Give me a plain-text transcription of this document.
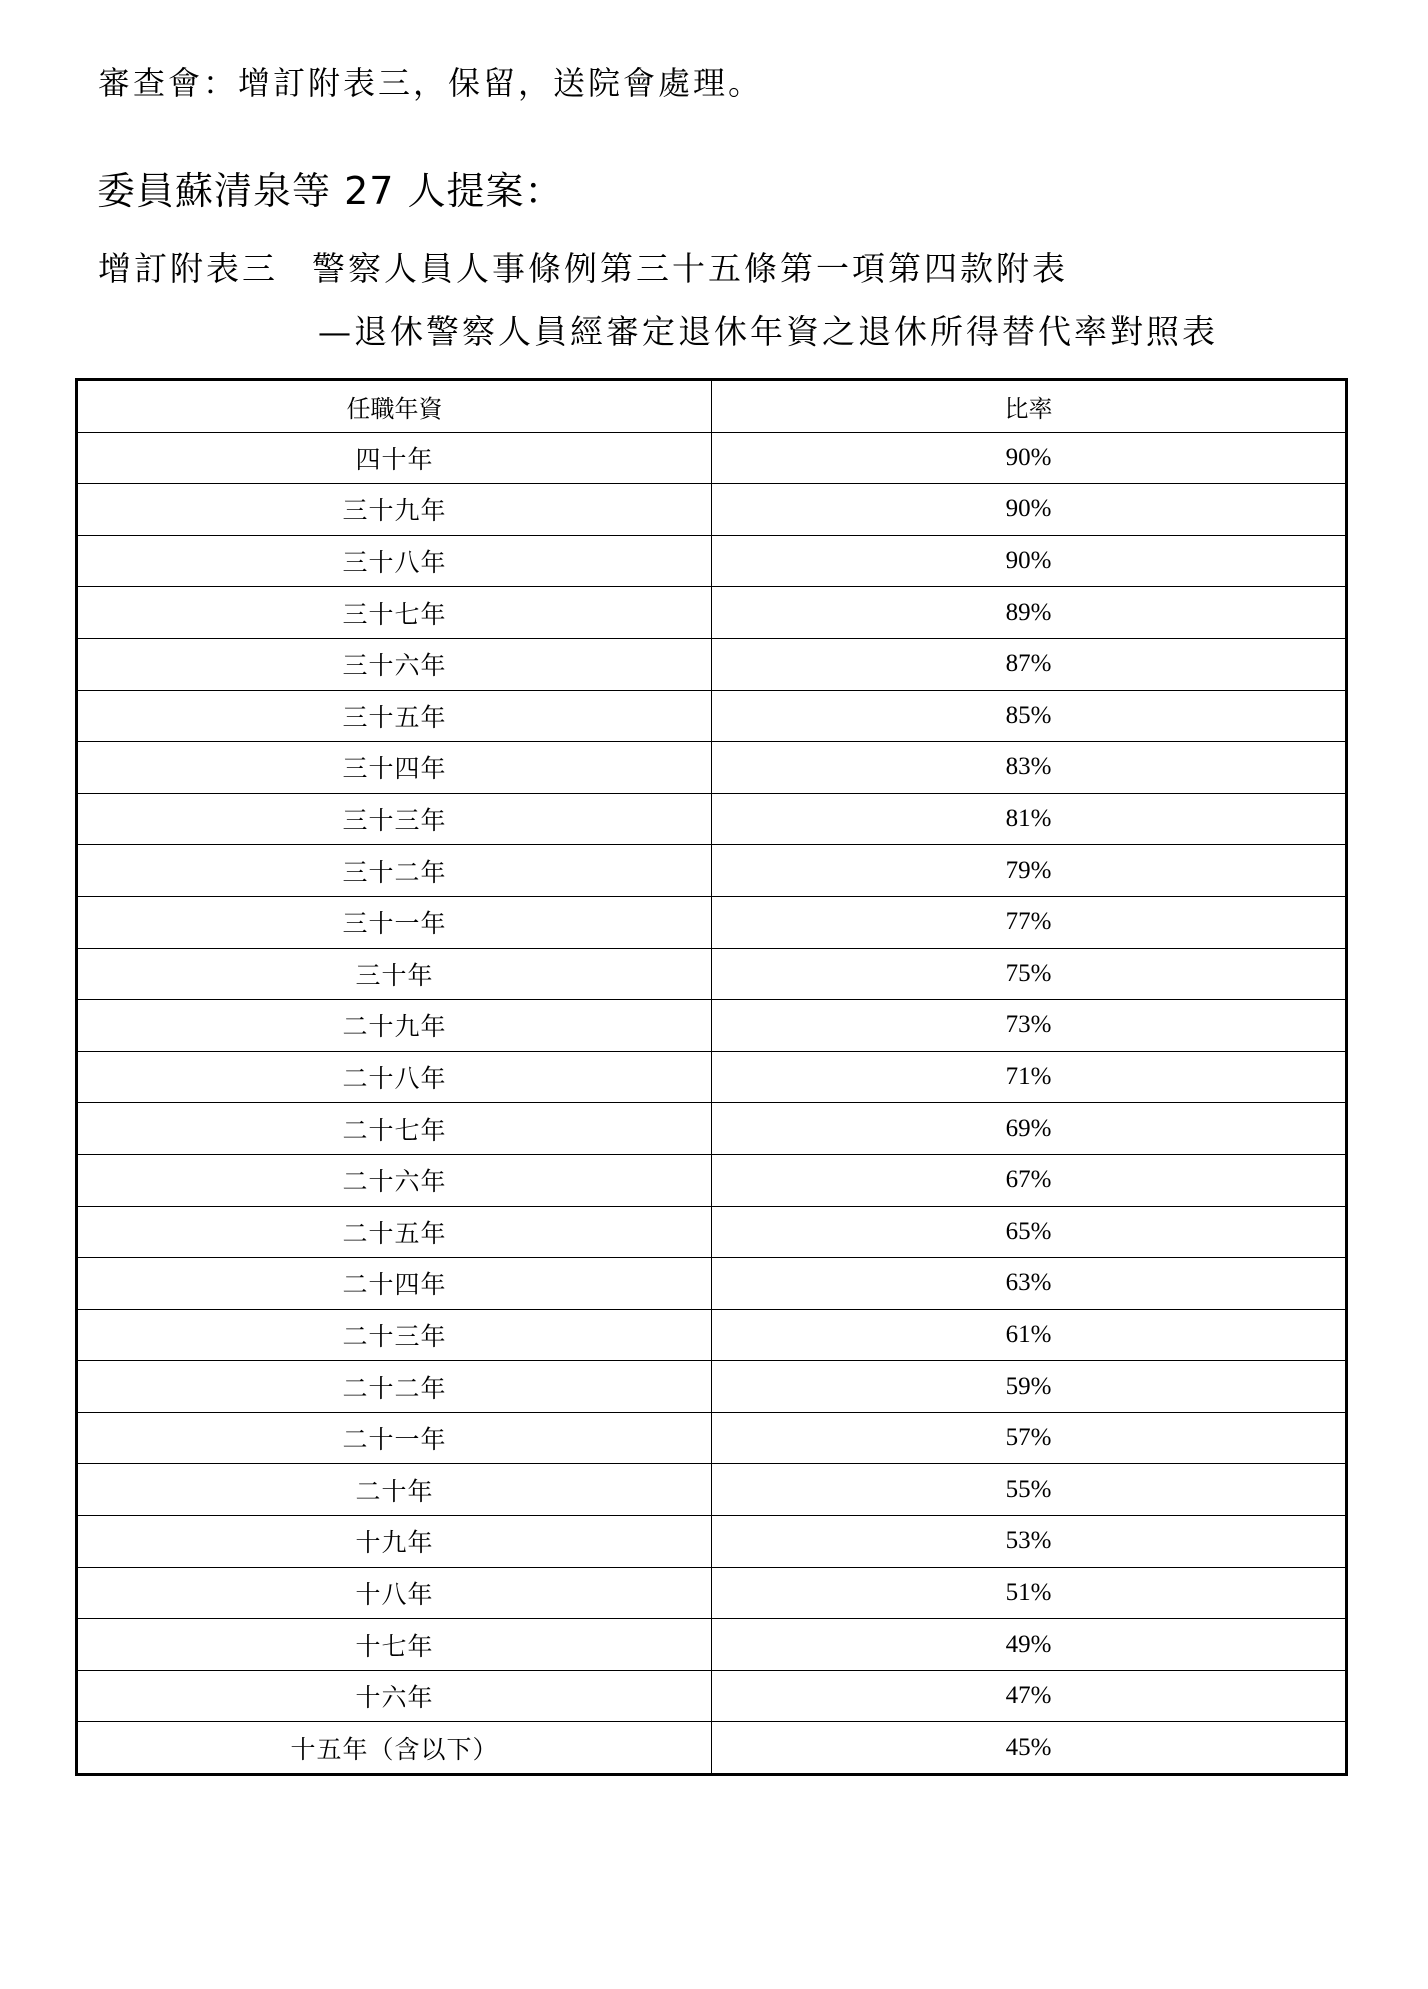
審查會：增訂附表三，保留，送院會處理。
委員蘇清泉等 27 人提案：
增訂附表三 警察人員人事條例第三十五條第一項第四款附表
—退休警察人員經審定退休年資之退休所得替代率對照表
任職年資	比率
四十年	90%
三十九年	90%
三十八年	90%
三十七年	89%
三十六年	87%
三十五年	85%
三十四年	83%
三十三年	81%
三十二年	79%
三十一年	77%
三十年	75%
二十九年	73%
二十八年	71%
二十七年	69%
二十六年	67%
二十五年	65%
二十四年	63%
二十三年	61%
二十二年	59%
二十一年	57%
二十年	55%
十九年	53%
十八年	51%
十七年	49%
十六年	47%
十五年（含以下）	45%
